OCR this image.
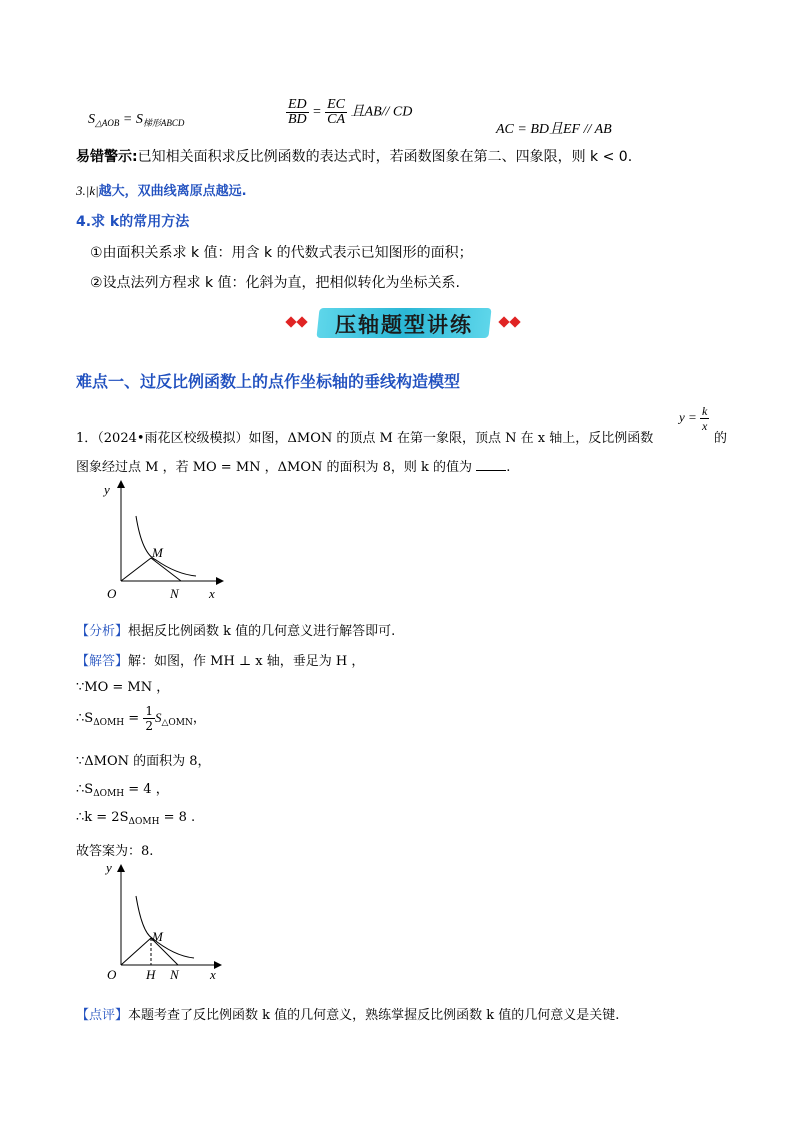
$S_{\triangle AOB} = S_{梯形ABCD}$	$\frac{ED}{BD} = \frac{EC}{CA}$ 且AB// CD
AC = BD且EF // AB
易错警示:已知相关面积求反比例函数的表达式时，若函数图象在第二、四象限，则 k < 0.
3.|k|越大，双曲线离原点越远.
4.求 k的常用方法
①由面积关系求 k 值：用含 k 的代数式表示已知图形的面积；
②设点法列方程求 k 值：化斜为直，把相似转化为坐标关系.
压轴题型讲练
难点一、过反比例函数上的点作坐标轴的垂线构造模型
1．（2024•雨花区校级模拟）如图，ΔMON 的顶点 M 在第一象限，顶点 N 在 x 轴上，反比例函数
$y = \frac{k}{x}$
的
图象经过点 M ，若 MO = MN ，ΔMON 的面积为 8，则 k 的值为 .
y
x
O
M
N
【分析】根据反比例函数 k 值的几何意义进行解答即可.
【解答】解：如图，作 MH ⊥ x 轴，垂足为 H ，
∵MO = MN ，
$\therefore S_{\Delta OMH} = \frac{1}{2} S_{\triangle OMN}$，
∵ΔMON 的面积为 8，
$\therefore S_{\Delta OMH} = 4$ ，
∴k = $2S_{\Delta OMH} = 8$ .
故答案为：8.
y
x
O
M
H N
【点评】本题考查了反比例函数 k 值的几何意义，熟练掌握反比例函数 k 值的几何意义是关键.
